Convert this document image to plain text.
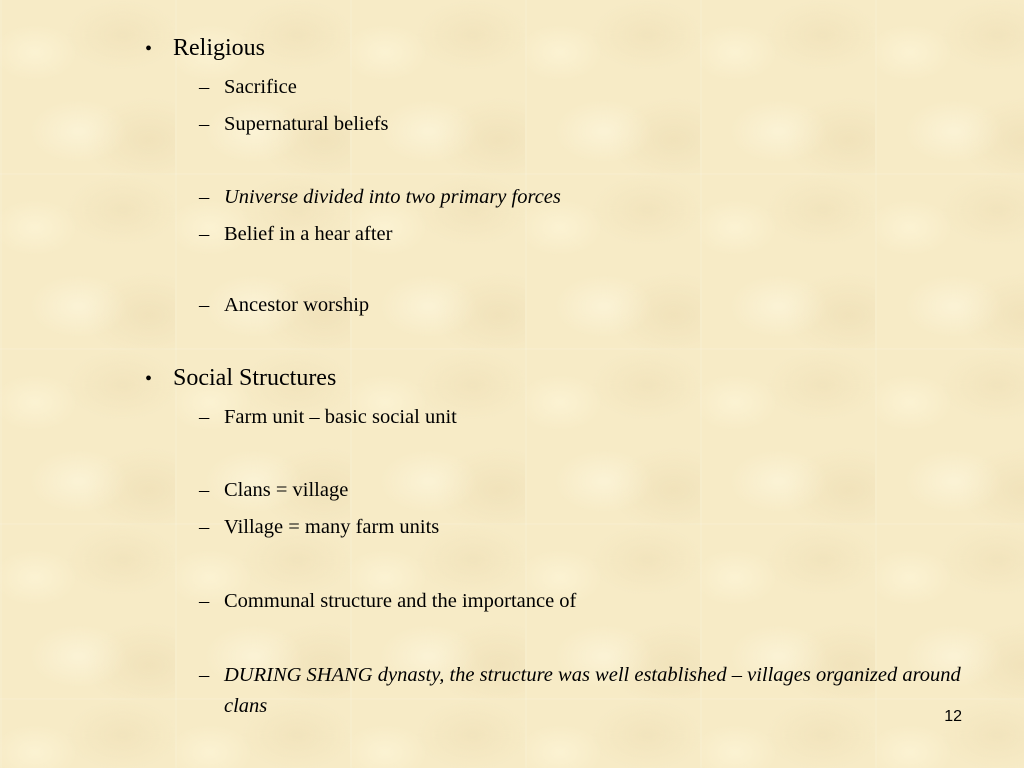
• Religious
– Sacrifice
– Supernatural beliefs
– Universe divided into two primary forces
– Belief in a hear after
– Ancestor worship
• Social Structures
– Farm unit – basic social unit
– Clans = village
– Village = many farm units
– Communal structure and the importance of
– DURING SHANG dynasty, the structure was well established – villages organized around clans	12
